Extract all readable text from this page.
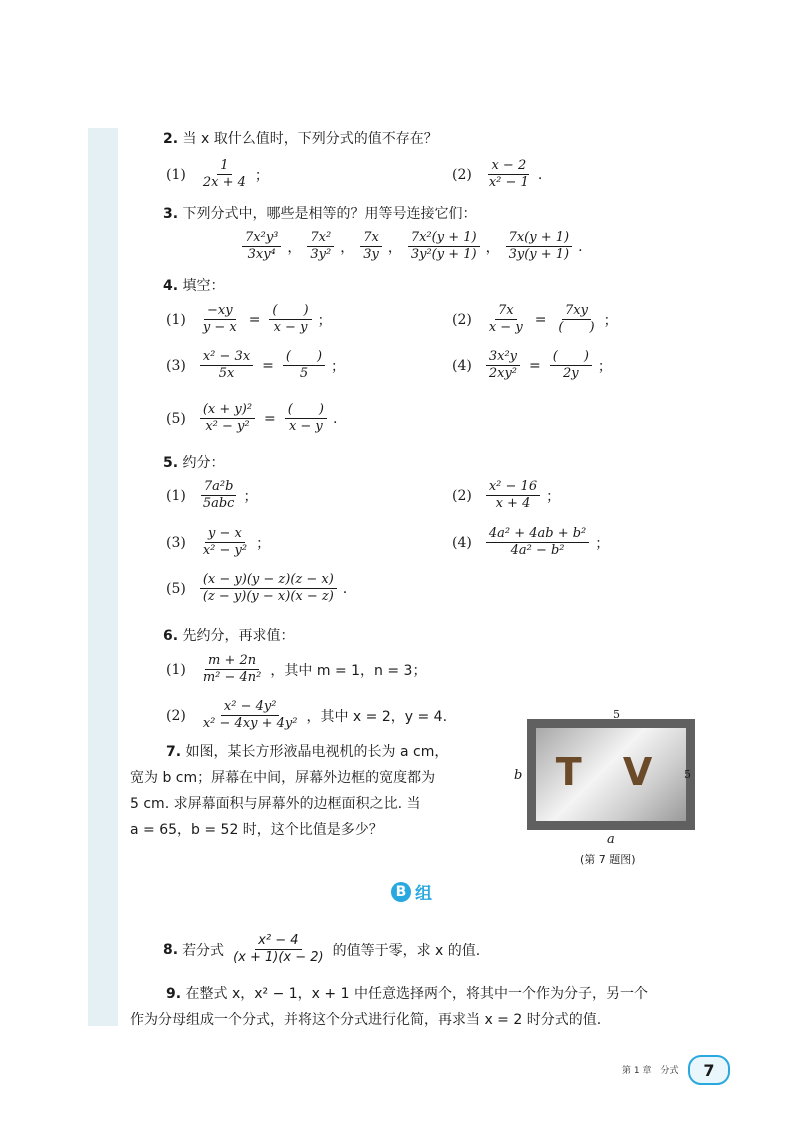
2. 当 x 取什么值时，下列分式的值不存在？
$(1) \frac{1}{2x + 4}$ ；	$(2) \frac{x - 2}{\text{x² − 1}}$ .
3. 下列分式中，哪些是相等的？用等号连接它们：
$\frac{\text{7x²y³}}{\text{3xy⁴}}$ ， $\frac{\text{7x²}}{\text{3y²}}$ ， $\frac{7x}{3y}$ ， $\frac{\text{7x²(y + 1)}}{\text{3y²(y + 1)}}$ ， $\frac{7x(y + 1)}{3y(y + 1)}$ .
4. 填空：
$(1) \frac{-xy}{y - x} = \frac{( )}{x - y}$ ；	$(2) \frac{7x}{x - y} = \frac{7xy}{( )}$ ；
$(3) \frac{\text{x² − 3x}}{5x} = \frac{( )}{5}$ ；	$(4) \frac{\text{3x²y}}{\text{2xy²}} = \frac{( )}{2y}$ ；
$(5) \frac{\text{(x + y)²}}{\text{x² − y²}} = \frac{( )}{x - y}$ .
5. 约分：
$(1) \frac{\text{7a²b}}{\text{5abc}}$ ；	$(2) \frac{\text{x² − 16}}{x + 4}$ ；
$(3) \frac{y - x}{\text{x² − y²}}$ ；	$(4) \frac{\text{4a² + 4ab + b²}}{\text{4a² − b²}}$ ；
$(5) \frac{(x - y)(y - z)(z - x)}{(z - y)(y - x)(x - z)}$ .
6. 先约分，再求值：
$(1) \frac{m + 2n}{\text{m² − 4n²}}$ ，其中 m = 1，n = 3；
$(2) \frac{\text{x² − 4y²}}{\text{x² − 4xy + 4y²}}$ ，其中 x = 2，y = 4.
7. 如图，某长方形液晶电视机的长为 a cm，
宽为 b cm；屏幕在中间，屏幕外边框的宽度都为
5 cm. 求屏幕面积与屏幕外的边框面积之比. 当
a = 65，b = 52 时，这个比值是多少？
T V
5
5
b
a
(第 7 题图)
B 组
8. 若分式 $\frac{\text{x² − 4}}{(x + 1)(x - 2)}$ 的值等于零，求 x 的值.
9. 在整式 x，x² − 1，x + 1 中任意选择两个，将其中一个作为分子，另一个
作为分母组成一个分式，并将这个分式进行化简，再求当 x = 2 时分式的值.
第 1 章　分式	7
